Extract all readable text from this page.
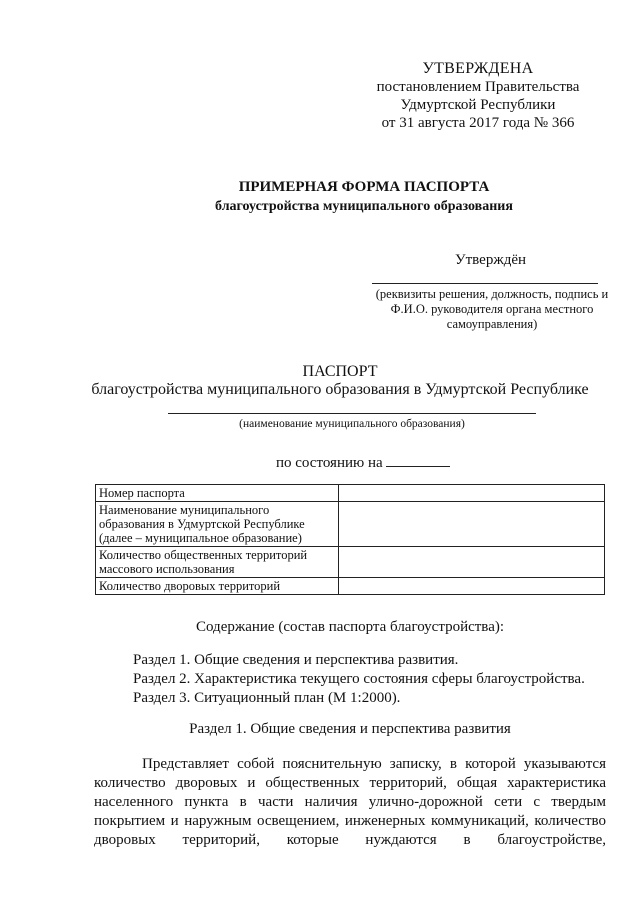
УТВЕРЖДЕНА
постановлением Правительства
Удмуртской Республики
от 31 августа 2017 года № 366
ПРИМЕРНАЯ ФОРМА ПАСПОРТА
благоустройства муниципального образования
Утверждён
(реквизиты решения, должность, подпись и
Ф.И.О. руководителя органа местного
самоуправления)
ПАСПОРТ
благоустройства муниципального образования в Удмуртской Республике
(наименование муниципального образования)
по состоянию на
Номер паспорта	
Наименование муниципального образования в Удмуртской Республике (далее – муниципальное образование)	
Количество общественных территорий массового использования	
Количество дворовых территорий	
Содержание (состав паспорта благоустройства):
Раздел 1. Общие сведения и перспектива развития.
Раздел 2. Характеристика текущего состояния сферы благоустройства.
Раздел 3. Ситуационный план (М 1:2000).
Раздел 1. Общие сведения и перспектива развития

Представляет собой пояснительную записку, в которой указываются

количество дворовых и общественных территорий, общая характеристика

населенного пункта в части наличия улично-дорожной сети с твердым

покрытием и наружным освещением, инженерных коммуникаций, количество

дворовых территорий, которые нуждаются в благоустройстве,
